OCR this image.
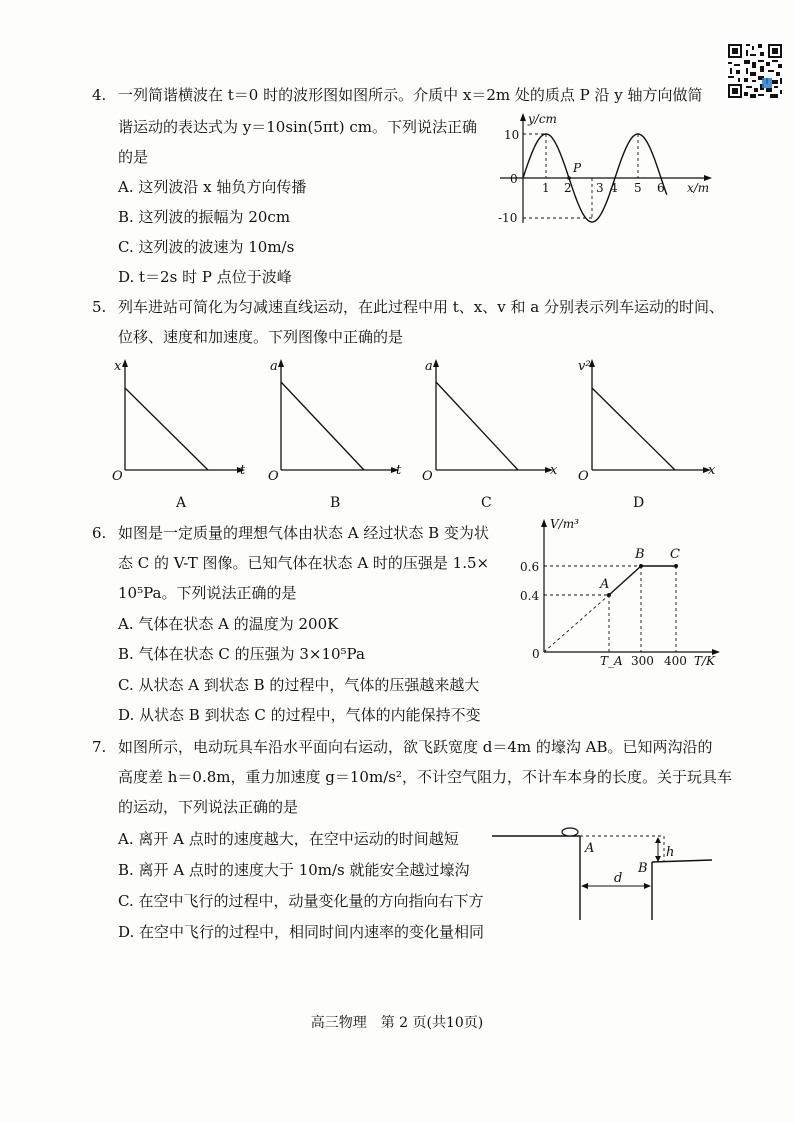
4. 一列简谐横波在 t＝0 时的波形图如图所示。介质中 x＝2m 处的质点 P 沿 y 轴方向做简
谐运动的表达式为 y＝10sin(5πt) cm。下列说法正确
的是
A. 这列波沿 x 轴负方向传播
B. 这列波的振幅为 20cm
C. 这列波的波速为 10m/s
D. t＝2s 时 P 点位于波峰
y/cm
x/m
0
10
-10
1 2 3 4 5 6
P
5. 列车进站可简化为匀减速直线运动，在此过程中用 t、x、v 和 a 分别表示列车运动的时间、
位移、速度和加速度。下列图像中正确的是
x
t
O
a
t
O
a
x
O
v²
x
O
A	B	C	D
6. 如图是一定质量的理想气体由状态 A 经过状态 B 变为状
态 C 的 V-T 图像。已知气体在状态 A 时的压强是 1.5×
10⁵Pa。下列说法正确的是
A. 气体在状态 A 的温度为 200K
B. 气体在状态 C 的压强为 3×10⁵Pa
C. 从状态 A 到状态 B 的过程中，气体的压强越来越大
D. 从状态 B 到状态 C 的过程中，气体的内能保持不变
V/m³
T/K
0
0.6
0.4
T_A 300 400
A
B C
7. 如图所示，电动玩具车沿水平面向右运动，欲飞跃宽度 d＝4m 的壕沟 AB。已知两沟沿的
高度差 h＝0.8m，重力加速度 g＝10m/s²，不计空气阻力，不计车本身的长度。关于玩具车
的运动，下列说法正确的是
A. 离开 A 点时的速度越大，在空中运动的时间越短
B. 离开 A 点时的速度大于 10m/s 就能安全越过壕沟
C. 在空中飞行的过程中，动量变化量的方向指向右下方
D. 在空中飞行的过程中，相同时间内速率的变化量相同
A
B
h
d
高三物理　第 2 页(共10页)
